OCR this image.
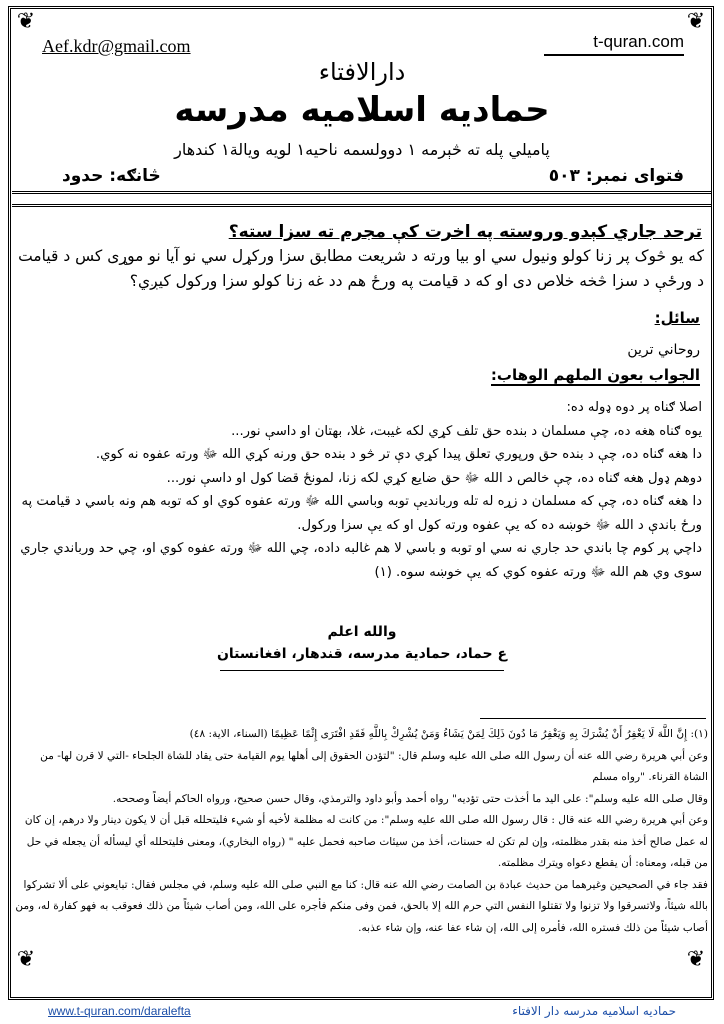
❦	❦
❦	❦
Aef.kdr@gmail.com	t-quran.com
دارالافتاء
حمادیه اسلامیه مدرسه
پاميلي پله ته څېرمه ١ دوولسمه ناحيه١ لويه ويالة١ کندهار
فتوای نمبر: ٥٠٣
څانګه: حدود
ترحد جاري کېدو وروسته په اخرت کې مجرم ته سزا سته؟
که يو څوک پر زنا کولو ونيول سي او بيا ورته د شريعت مطابق سزا ورکړل سي نو آيا نو موړى کس د قيامت د ورځې د سزا څخه خلاص دى او که د قيامت په ورځ هم دد غه زنا کولو سزا ورکول کيږي؟
سائل:
روحاني ترين
الجواب بعون الملهم الوهاب:

اصلا ګناه پر دوه ډوله ده:

يوه ګناه هغه ده، چې مسلمان د بنده حق تلف کړي لکه غيبت، غلا، بهتان او داسې نور...

دا هغه ګناه ده، چې د بنده حق ورپوري تعلق پيدا کړي دې تر څو د بنده حق ورنه کړي الله ﷻ ورته عفوه نه کوي.

دوهم ډول هغه ګناه ده، چې خالص د الله ﷻ حق ضايع کړي لکه زنا، لمونځ قضا کول او داسې نور...

دا هغه ګناه ده، چې که مسلمان د زړه له تله وربانديې توبه وباسي الله ﷻ ورته عفوه کوي او که توبه هم ونه باسي د قيامت په ورځ باندې د الله ﷻ خوښه ده که يې عفوه ورته کول او که يې سزا ورکول.

داچي پر کوم چا باندي حد جاري نه سي او توبه و باسي لا هم غالبه داده، چي الله ﷻ ورته عفوه کوي او، چي حد ورباندي جاري سوى وي هم الله ﷻ ورته عفوه کوي که يې خوښه سوه. (١)

والله اعلم
ع حماد، حمادية مدرسه، قندهار، افغانستان

(١): إِنَّ اللَّهَ لَا يَغْفِرُ أَنْ يُشْرَكَ بِهِ وَيَغْفِرُ مَا دُونَ ذَلِكَ لِمَنْ يَشَاءُ وَمَنْ يُشْرِكْ بِاللَّهِ فَقَدِ افْتَرَى إِثْمًا عَظِيمًا (السناء، الاية: ٤٨)

وعن أبي هريرة رضي الله عنه أن رسول الله صلى الله عليه وسلم قال: "لتؤدن الحقوق إلى أهلها يوم القيامة حتى يقاد للشاة الجلحاء -التي لا قرن لها- من الشاة القرناء. "رواه مسلم

وقال صلى الله عليه وسلم": على اليد ما أخذت حتى تؤديه" رواه أحمد وأبو داود والترمذي، وقال حسن صحيح، ورواه الحاكم أيضاً وصححه.

وعن أبي هريرة رضي الله عنه قال : قال رسول الله صلى الله عليه وسلم": من كانت له مظلمة لأخيه أو شيء فليتحلله قبل أن لا يكون دينار ولا درهم، إن كان له عمل صالح أخذ منه بقدر مظلمته، وإن لم تكن له حسنات، أخذ من سيئات صاحبه فحمل عليه " (رواه البخاري)، ومعنى فليتحلله أي ليسأله أن يجعله في حل من قبله، ومعناه: أن يقطع دعواه ويترك مظلمته.

فقد جاء في الصحيحين وغيرهما من حديث عبادة بن الصامت رضي الله عنه قال: كنا مع النبي صلى الله عليه وسلم، في مجلس فقال: تبايعوني على ألا تشركوا بالله شيئاً، ولاتسرقوا ولا تزنوا ولا تقتلوا النفس التي حرم الله إلا بالحق، فمن وفى منكم فأجره على الله، ومن أصاب شيئاً من ذلك فعوقب به فهو كفارة له، ومن أصاب شيئاً من ذلك فستره الله، فأمره إلى الله، إن شاء عفا عنه، وإن شاء عذبه.

www.t-quran.com/daralefta	حماديه اسلاميه مدرسه دار الافتاء
